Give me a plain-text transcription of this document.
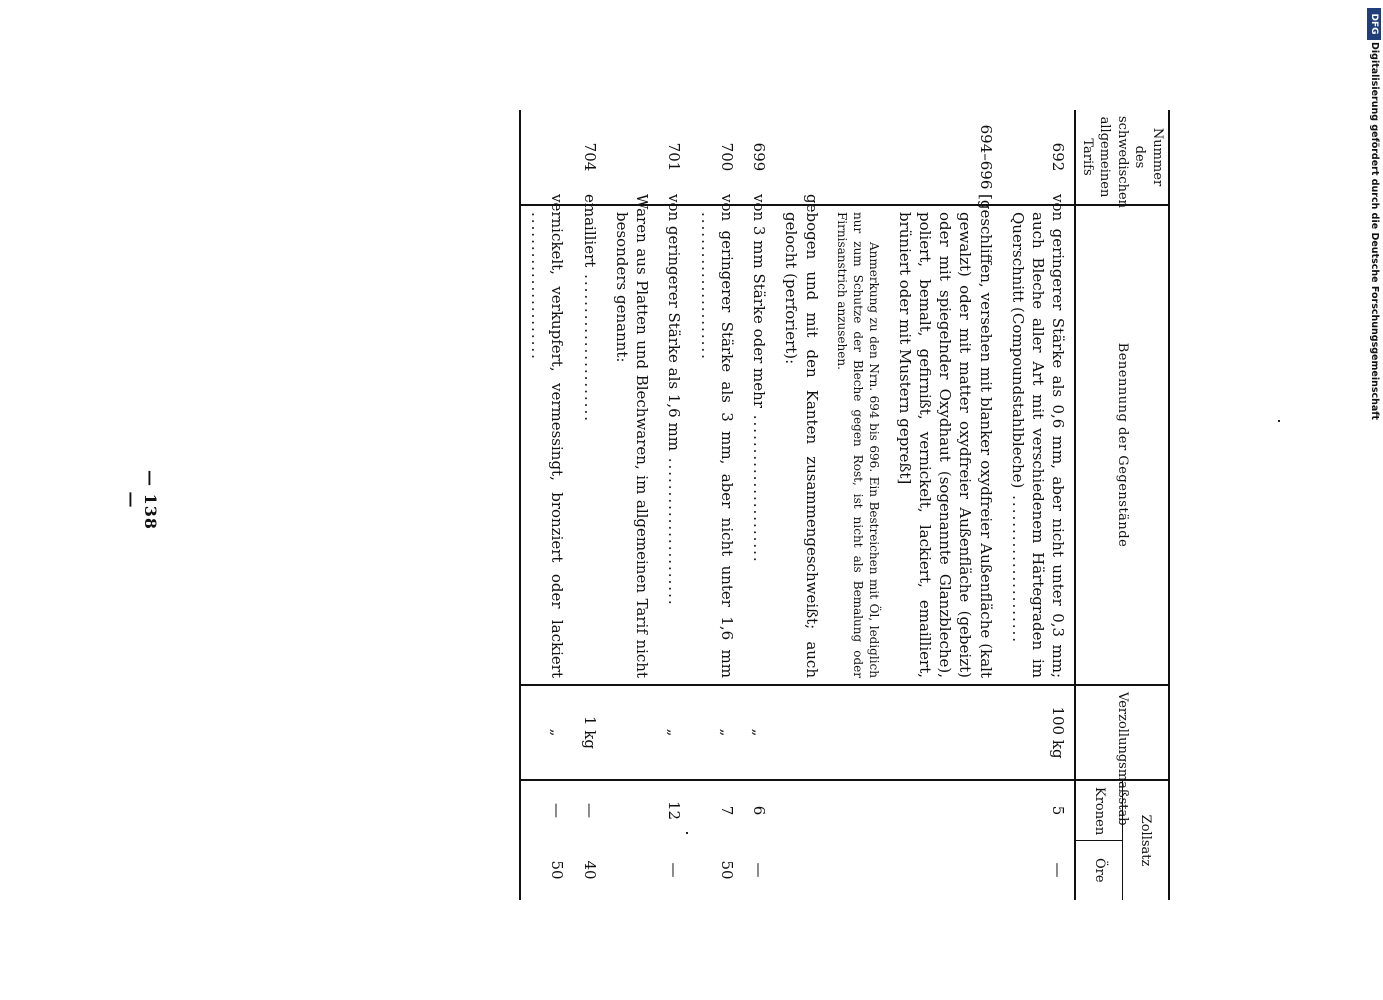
— 138 —
DFG
Digitalisierung gefördert durch die Deutsche Forschungsgemeinschaft
Nummer des schwedischen allgemeinen Tarifs	Benennung der Gegenstände	Verzollungsmaßstab	Zollsatz	
			Kronen	Öre
692	von geringerer Stärke als 0,6 mm, aber nicht unter 0,3 mm; auch Bleche aller Art mit verschiedenem Härtegraden im Querschnitt (Compoundstahlbleche) .....	100 kg	5	—
694–696	[geschliffen, versehen mit blanker oxydfreier Außenfläche (kalt gewalzt) oder mit matter oxydfreier Außenfläche (gebeizt) oder mit spiegelnder Oxydhaut (sogenannte Glanzbleche), poliert, bemalt, gefirnißt, vernickelt, lackiert, emailliert, brüniert oder mit Mustern gepreßt]			
	Anmerkung zu den Nrn. 694 bis 696. Ein Bestreichen mit Öl, lediglich nur zum Schutze der Bleche gegen Rost, ist nicht als Bemalung oder Firnisanstrich anzusehen.			
	gebogen und mit den Kanten zusammengeschweißt; auch gelocht (perforiert):			
699	von 3 mm Stärke oder mehr .....	„	6	—
700	von geringerer Stärke als 3 mm, aber nicht unter 1,6 mm .....	„	7	50
701	von geringerer Stärke als 1,6 mm .....	„	12	—
	Waren aus Platten und Blechwaren, im allgemeinen Tarif nicht besonders genannt:			
704	emailliert .....	1 kg	—	40
	vernickelt, verkupfert, vermessingt, bronziert oder lackiert .....	„	—	50
